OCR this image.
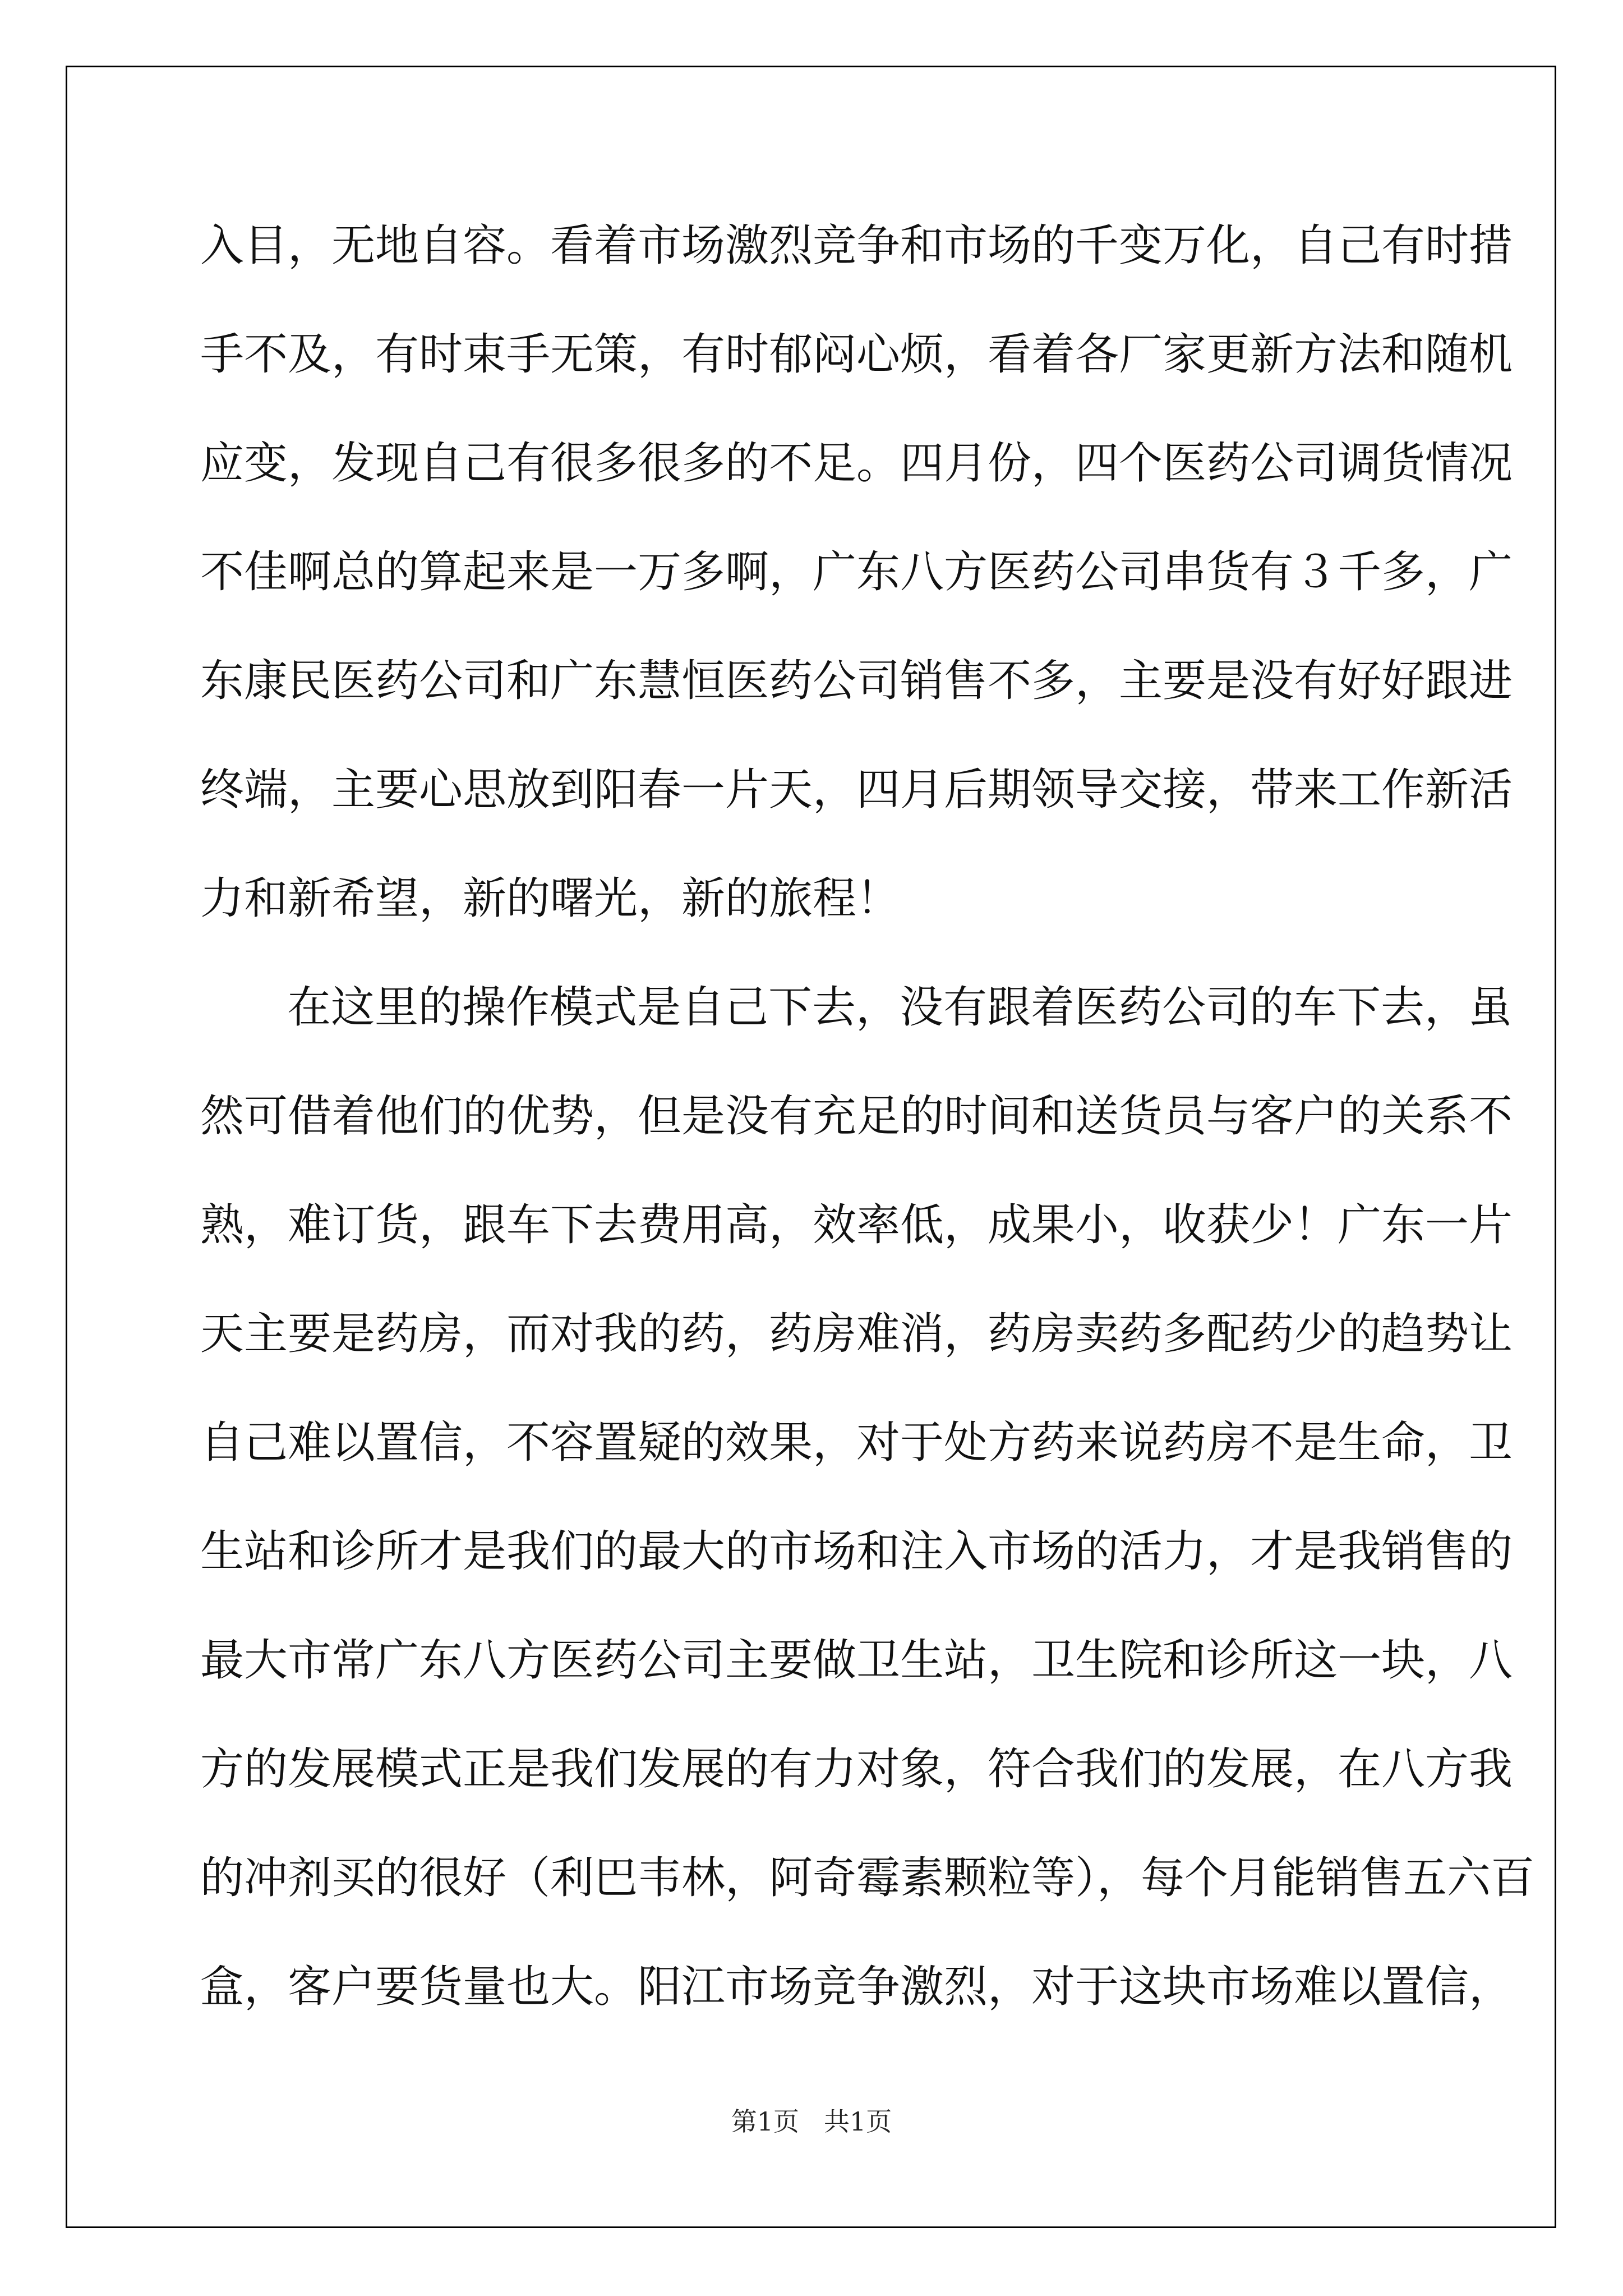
入目，无地自容。看着市场激烈竞争和市场的千变万化，自己有时措
手不及，有时束手无策，有时郁闷心烦，看着各厂家更新方法和随机
应变，发现自己有很多很多的不足。四月份，四个医药公司调货情况
不佳啊总的算起来是一万多啊，广东八方医药公司串货有３千多，广
东康民医药公司和广东慧恒医药公司销售不多，主要是没有好好跟进
终端，主要心思放到阳春一片天，四月后期领导交接，带来工作新活
力和新希望，新的曙光，新的旅程！
在这里的操作模式是自己下去，没有跟着医药公司的车下去，虽
然可借着他们的优势，但是没有充足的时间和送货员与客户的关系不
熟，难订货，跟车下去费用高，效率低，成果小，收获少！广东一片
天主要是药房，而对我的药，药房难消，药房卖药多配药少的趋势让
自己难以置信，不容置疑的效果，对于处方药来说药房不是生命，卫
生站和诊所才是我们的最大的市场和注入市场的活力，才是我销售的
最大市常广东八方医药公司主要做卫生站，卫生院和诊所这一块，八
方的发展模式正是我们发展的有力对象，符合我们的发展，在八方我
的冲剂买的很好（利巴韦林，阿奇霉素颗粒等），每个月能销售五六百
盒，客户要货量也大。阳江市场竞争激烈，对于这块市场难以置信，
第1页 共1页
